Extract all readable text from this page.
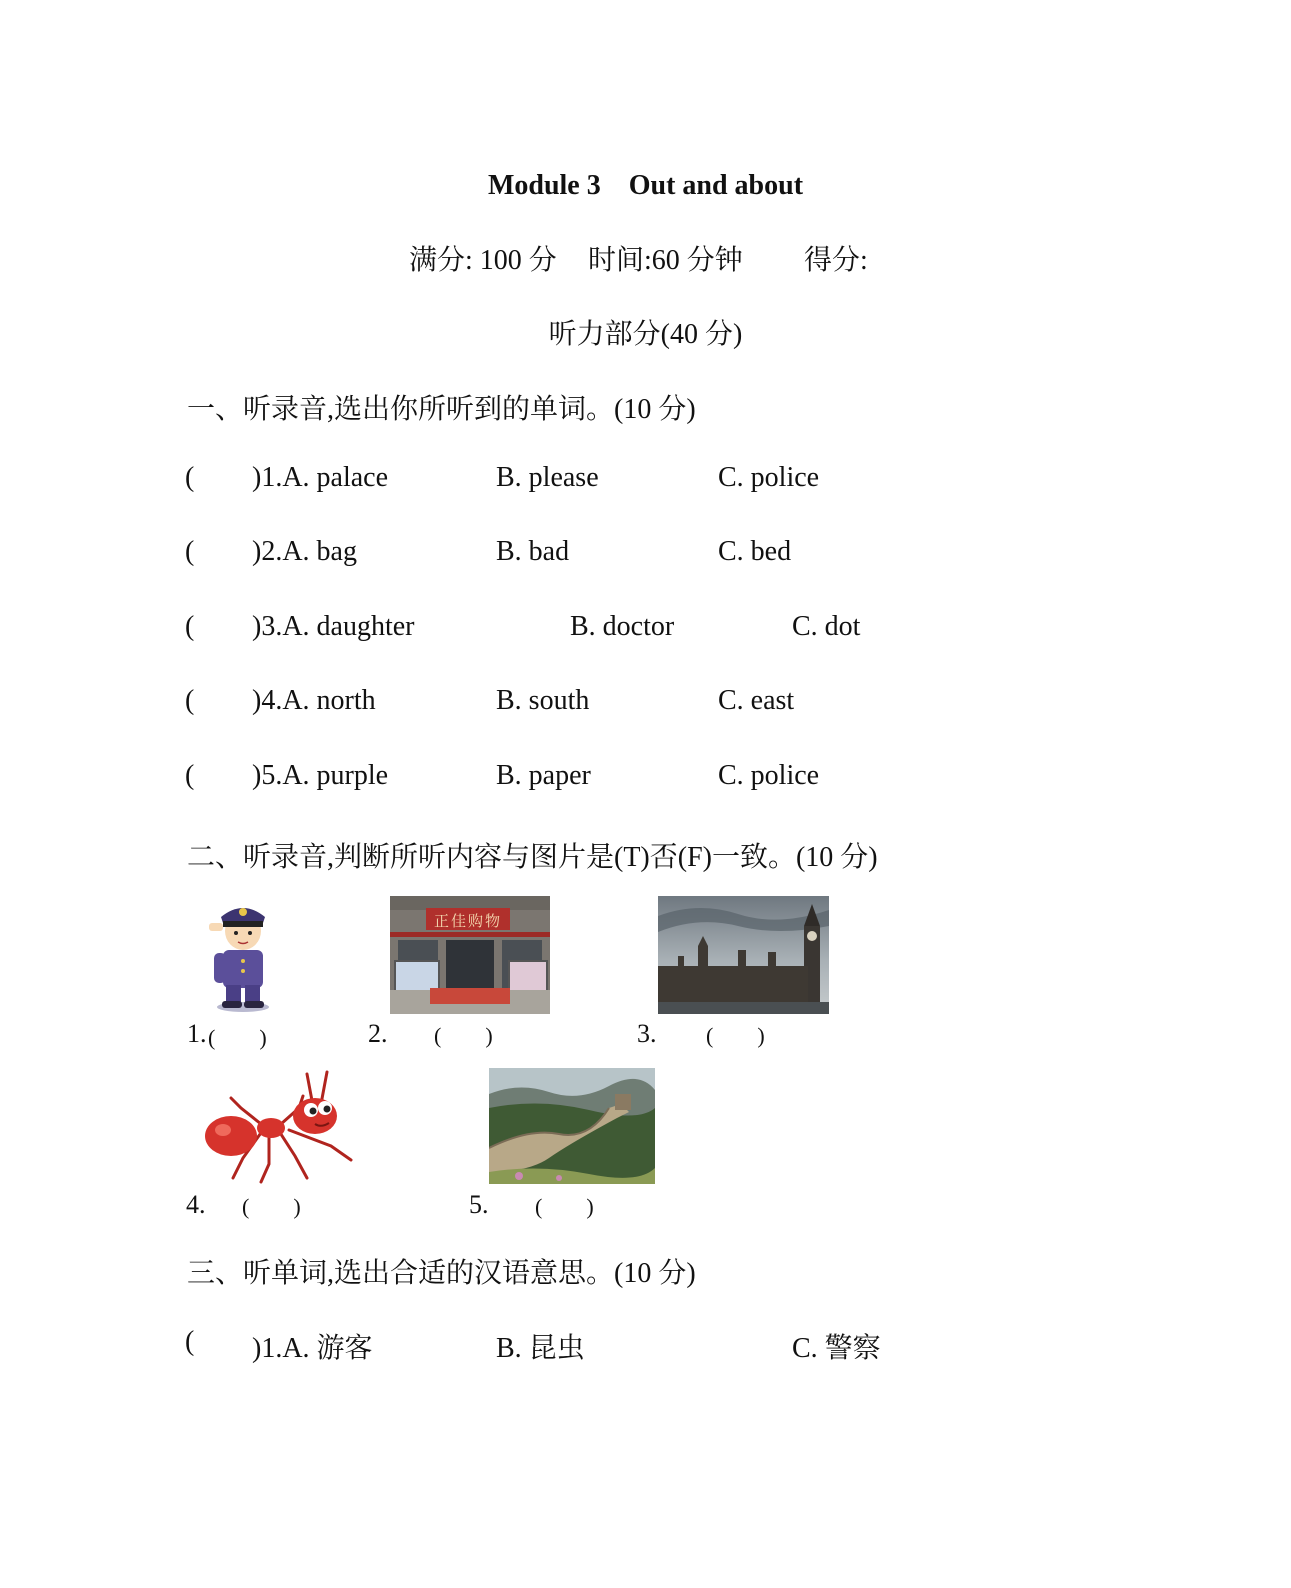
Module 3　Out and about
满分: 100 分 时间:60 分钟 得分:
听力部分(40 分)
一、听录音,选出你所听到的单词。(10 分)
( )1.A. palace	B. please	C. police
( )2.A. bag	B. bad	C. bed
( )3.A. daughter	B. doctor	C. dot
( )4.A. north	B. south	C. east
( )5.A. purple	B. paper	C. police
二、听录音,判断所听内容与图片是(T)否(F)一致。(10 分)
正佳购物
1. (　　)	2. (　　)	3. (　　)
4. (　　)	5. (　　)
三、听单词,选出合适的汉语意思。(10 分)
( )1.A. 游客	B. 昆虫	C. 警察
